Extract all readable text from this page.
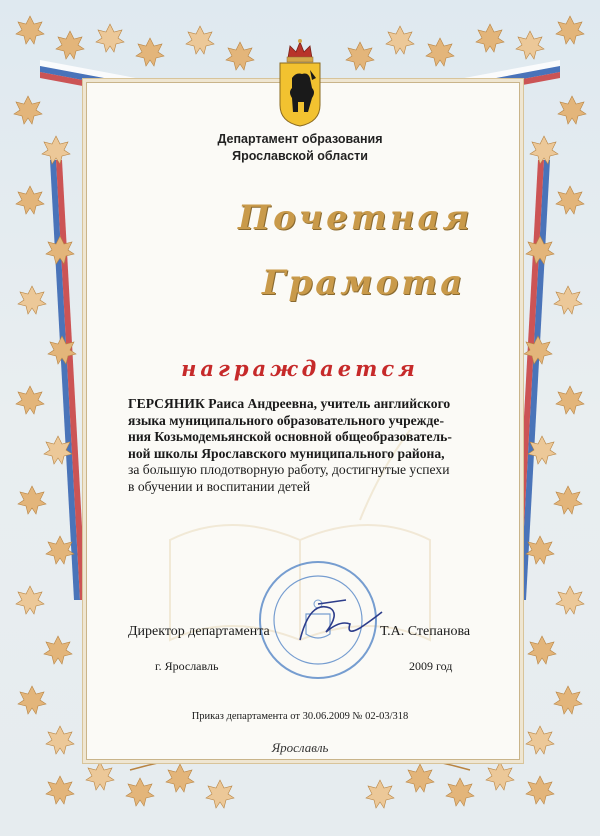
Департамент образования
Ярославской области
Почетная
Грамота
награждается
ГЕРСЯНИК Раиса Андреевна, учитель английского
языка муниципального образовательного учрежде-
ния Козьмодемьянской основной общеобразователь-
ной школы Ярославского муниципального района,
за большую плодотворную работу, достигнутые успехи
в обучении и воспитании детей
Директор департамента	Т.А. Степанова
г. Ярославль	2009 год
Приказ департамента от 30.06.2009 № 02-03/318
Ярославль
